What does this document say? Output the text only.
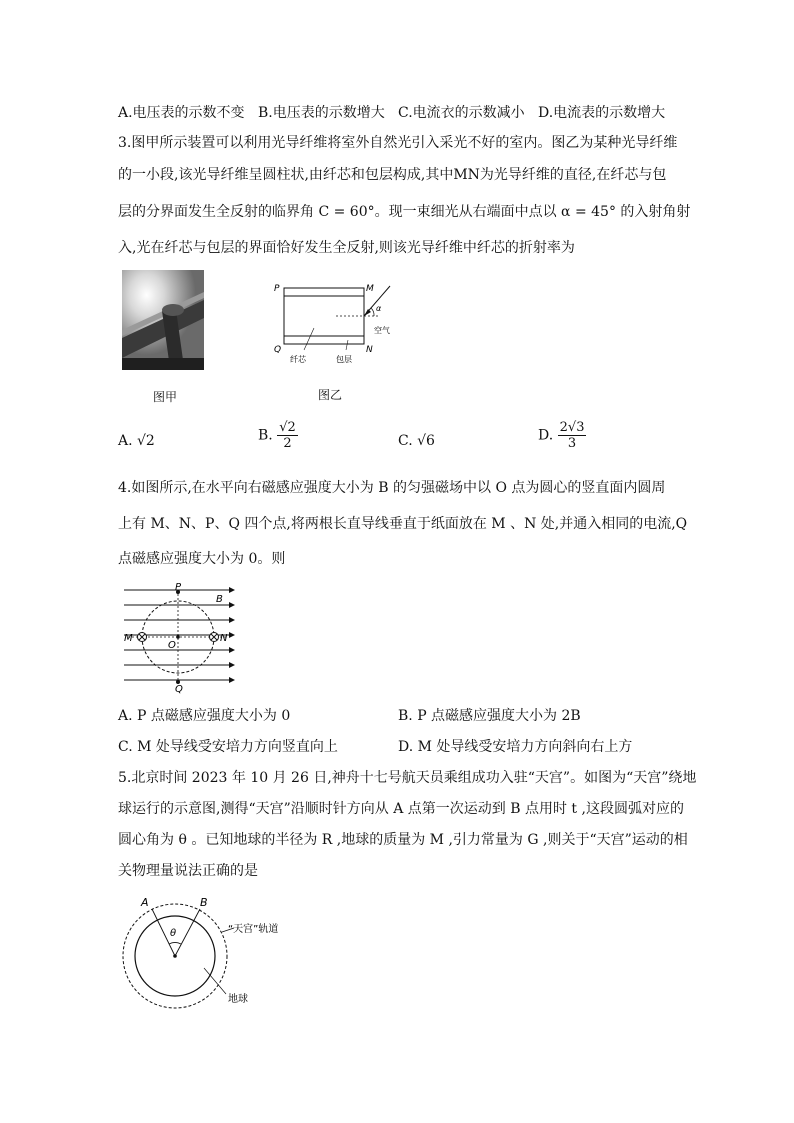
A.电压表的示数不变 B.电压表的示数增大 C.电流衣的示数减小 D.电流表的示数增大
3.图甲所示装置可以利用光导纤维将室外自然光引入采光不好的室内。图乙为某种光导纤维
的一小段,该光导纤维呈圆柱状,由纤芯和包层构成,其中MN为光导纤维的直径,在纤芯与包
层的分界面发生全反射的临界角 C = 60°。现一束细光从右端面中点以 α = 45° 的入射角射
入,光在纤芯与包层的界面恰好发生全反射,则该光导纤维中纤芯的折射率为
图甲
P	M
Q	N
α
空气
纤芯	包层
图乙
A. √2	B. $\frac{√2}{2}$	C. √6	D. $\frac{2√3}{3}$
4.如图所示,在水平向右磁感应强度大小为 B 的匀强磁场中以 O 点为圆心的竖直面内圆周
上有 M、N、P、Q 四个点,将两根长直导线垂直于纸面放在 M 、N 处,并通入相同的电流,Q
点磁感应强度大小为 0。则
P
B
M	N
O
Q
A. P 点磁感应强度大小为 0	B. P 点磁感应强度大小为 2B
C. M 处导线受安培力方向竖直向上	D. M 处导线受安培力方向斜向右上方
5.北京时间 2023 年 10 月 26 日,神舟十七号航天员乘组成功入驻“天宫”。如图为“天宫”绕地
球运行的示意图,测得“天宫”沿顺时针方向从 A 点第一次运动到 B 点用时 t ,这段圆弧对应的
圆心角为 θ 。已知地球的半径为 R ,地球的质量为 M ,引力常量为 G ,则关于“天宫”运动的相
关物理量说法正确的是
A	B
θ	“天宫”轨道
地球
